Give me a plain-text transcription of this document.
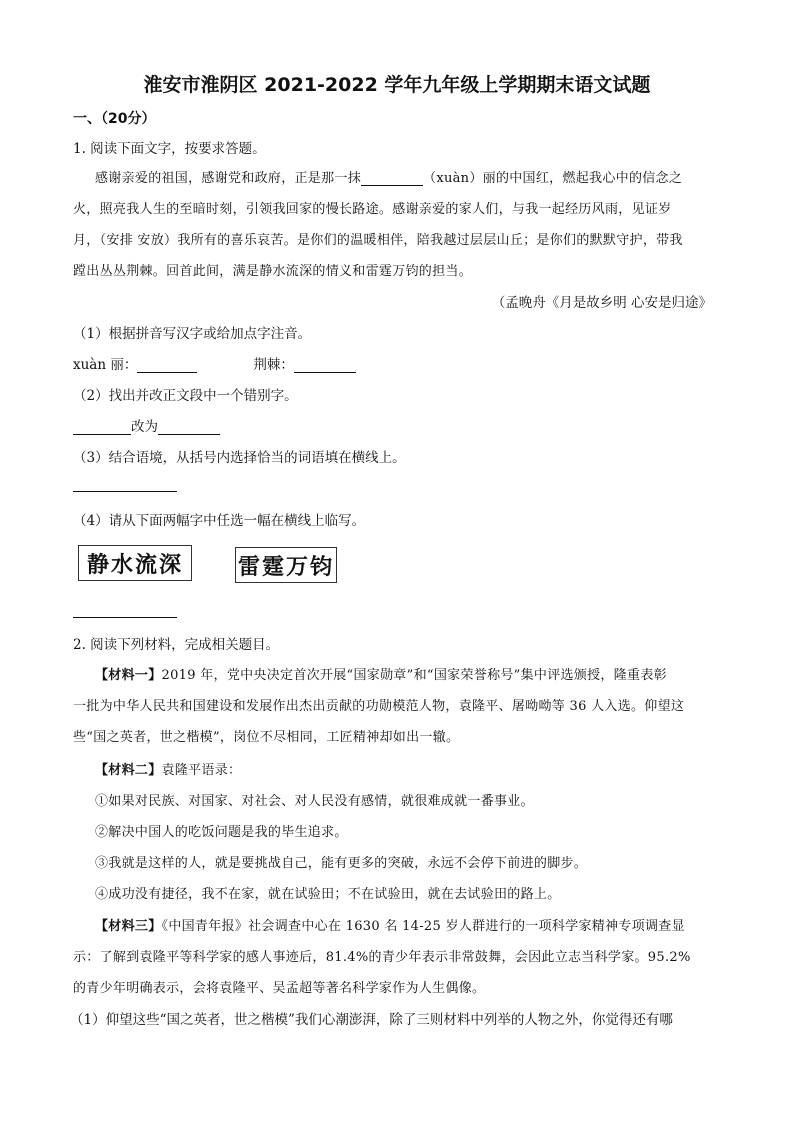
淮安市淮阴区 2021-2022 学年九年级上学期期末语文试题
一、（20分）
1. 阅读下面文字，按要求答题。
感谢亲爱的祖国，感谢党和政府，正是那一抹	（xuàn）丽的中国红，燃起我心中的信念之
火，照亮我人生的至暗时刻，引领我回家的慢长路途。感谢亲爱的家人们，与我一起经历风雨，见证岁
月，（安排 安放）我所有的喜乐哀苦。是你们的温暖相伴，陪我越过层层山丘；是你们的默默守护，带我
蹚出丛丛荆棘。回首此间，满是静水流深的情义和雷霆万钧的担当。
（孟晚舟《月是故乡明 心安是归途》
（1）根据拼音写汉字或给加点字注音。
xuàn 丽：	荆棘：
（2）找出并改正文段中一个错别字。
改为
（3）结合语境，从括号内选择恰当的词语填在横线上。
（4）请从下面两幅字中任选一幅在横线上临写。
静水流深	雷霆万钧
2. 阅读下列材料，完成相关题目。
【材料一】2019 年，党中央决定首次开展“国家勋章”和“国家荣誉称号”集中评选颁授，隆重表彰
一批为中华人民共和国建设和发展作出杰出贡献的功勋模范人物，袁隆平、屠呦呦等 36 人入选。仰望这
些“国之英者，世之楷模”，岗位不尽相同，工匠精神却如出一辙。
【材料二】袁隆平语录：
①如果对民族、对国家、对社会、对人民没有感情，就很难成就一番事业。
②解决中国人的吃饭问题是我的毕生追求。
③我就是这样的人，就是要挑战自己，能有更多的突破，永远不会停下前进的脚步。
④成功没有捷径，我不在家，就在试验田；不在试验田，就在去试验田的路上。
【材料三】《中国青年报》社会调查中心在 1630 名 14-25 岁人群进行的一项科学家精神专项调查显
示：了解到袁隆平等科学家的感人事迹后，81.4%的青少年表示非常鼓舞，会因此立志当科学家。95.2%
的青少年明确表示，会将袁隆平、吴孟超等著名科学家作为人生偶像。
（1）仰望这些“国之英者，世之楷模”我们心潮澎湃，除了三则材料中列举的人物之外，你觉得还有哪
